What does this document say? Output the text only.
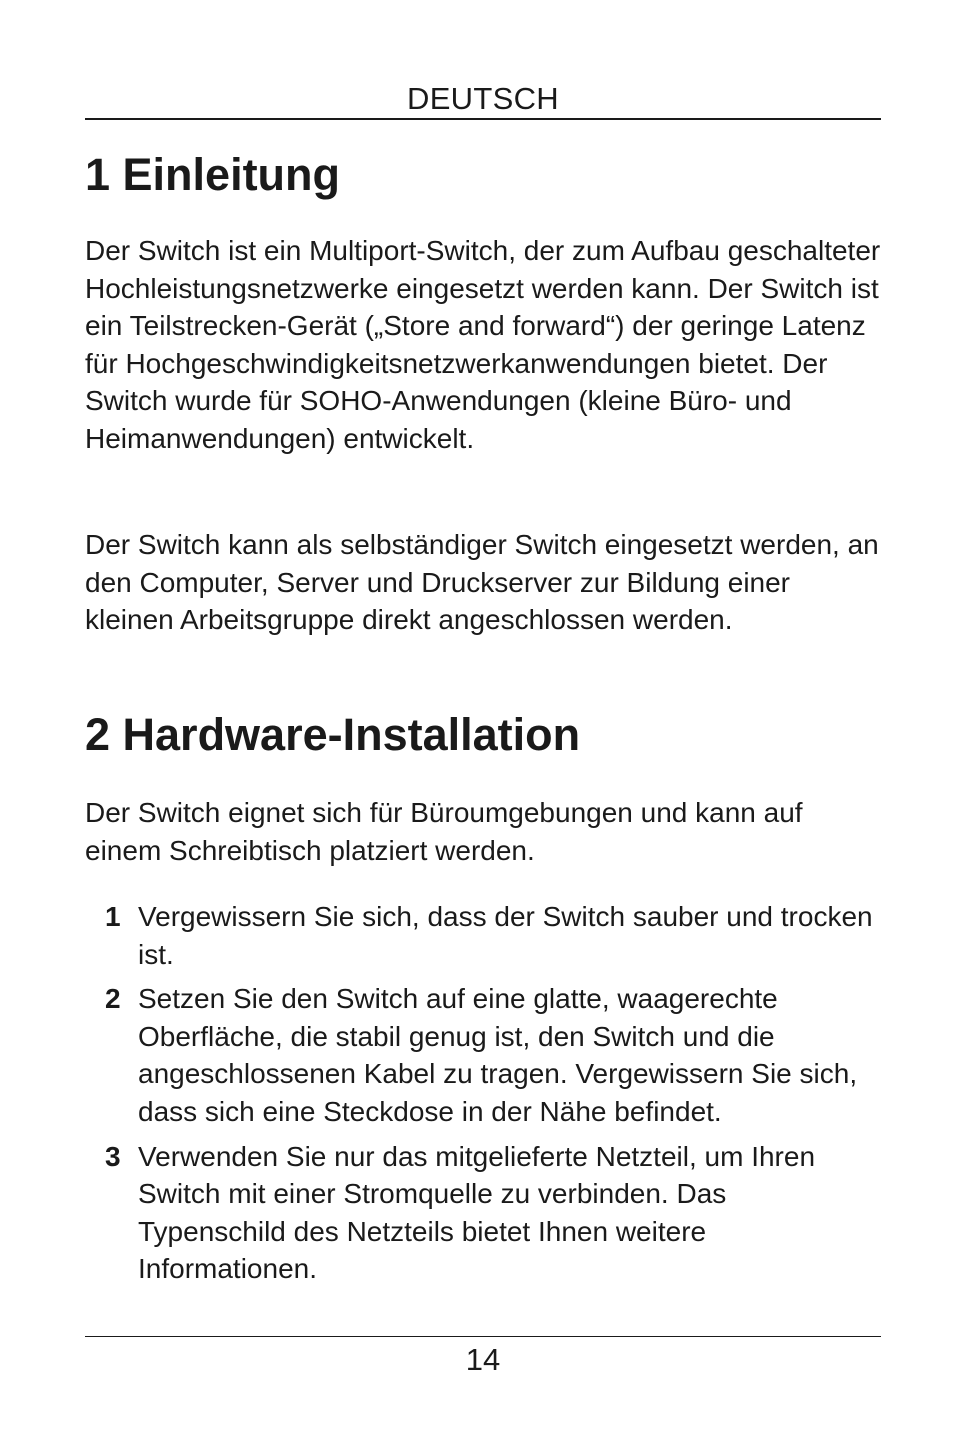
DEUTSCH
1 Einleitung

Der Switch ist ein Multiport-Switch, der zum Aufbau geschalteter Hochleistungsnetzwerke eingesetzt werden kann. Der Switch ist ein Teilstrecken-Gerät („Store and forward“) der geringe Latenz für Hochgeschwindigkeitsnetzwerkanwendungen bietet. Der Switch wurde für SOHO-Anwendungen (kleine Büro- und Heimanwendungen) entwickelt.

Der Switch kann als selbständiger Switch eingesetzt werden, an den Computer, Server und Druckserver zur Bildung einer kleinen Arbeitsgruppe direkt angeschlossen werden.

2 Hardware-Installation

Der Switch eignet sich für Büroumgebungen und kann auf einem Schreibtisch platziert werden.

1 Vergewissern Sie sich, dass der Switch sauber und trocken ist.
2 Setzen Sie den Switch auf eine glatte, waagerechte Oberfläche, die stabil genug ist, den Switch und die angeschlossenen Kabel zu tragen. Vergewissern Sie sich, dass sich eine Steckdose in der Nähe befindet.
3 Verwenden Sie nur das mitgelieferte Netzteil, um Ihren Switch mit einer Stromquelle zu verbinden. Das Typenschild des Netzteils bietet Ihnen weitere Informationen.
14
